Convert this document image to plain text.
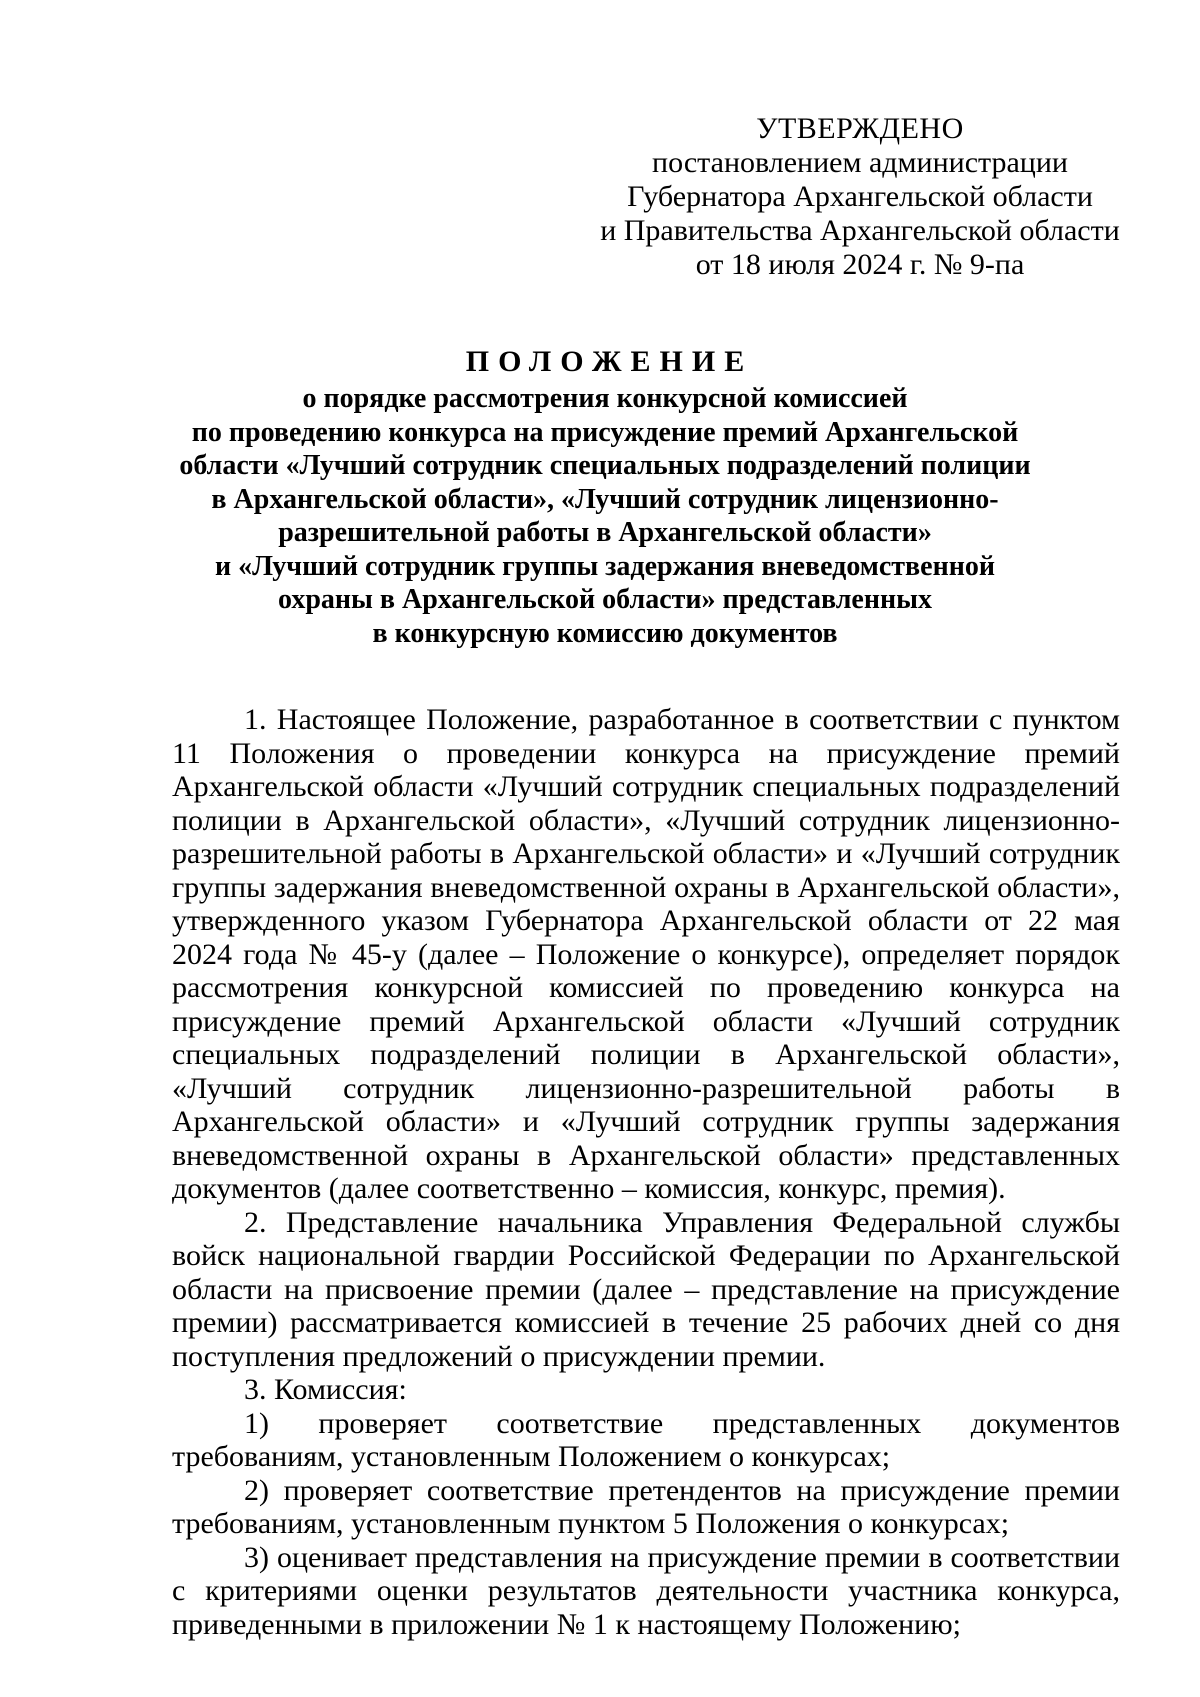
УТВЕРЖДЕНО
постановлением администрации
Губернатора Архангельской области
и Правительства Архангельской области
от 18 июля 2024 г. № 9-па
ПОЛОЖЕНИЕ
о порядке рассмотрения конкурсной комиссией
по проведению конкурса на присуждение премий Архангельской
области «Лучший сотрудник специальных подразделений полиции
в Архангельской области», «Лучший сотрудник лицензионно-
разрешительной работы в Архангельской области»
и «Лучший сотрудник группы задержания вневедомственной
охраны в Архангельской области» представленных
в конкурсную комиссию документов

1. Настоящее Положение, разработанное в соответствии с пунктом 11 Положения о проведении конкурса на присуждение премий Архангельской области «Лучший сотрудник специальных подразделений полиции в Архангельской области», «Лучший сотрудник лицензионно-разрешительной работы в Архангельской области» и «Лучший сотрудник группы задержания вневедомственной охраны в Архангельской области», утвержденного указом Губернатора Архангельской области от 22 мая 2024 года № 45-у (далее – Положение о конкурсе), определяет порядок рассмотрения конкурсной комиссией по проведению конкурса на присуждение премий Архангельской области «Лучший сотрудник специальных подразделений полиции в Архангельской области», «Лучший сотрудник лицензионно-разрешительной работы в Архангельской области» и «Лучший сотрудник группы задержания вневедомственной охраны в Архангельской области» представленных документов (далее соответственно – комиссия, конкурс, премия).

2. Представление начальника Управления Федеральной службы войск национальной гвардии Российской Федерации по Архангельской области на присвоение премии (далее – представление на присуждение премии) рассматривается комиссией в течение 25 рабочих дней со дня поступления предложений о присуждении премии.

3. Комиссия:

1) проверяет соответствие представленных документов требованиям, установленным Положением о конкурсах;

2) проверяет соответствие претендентов на присуждение премии требованиям, установленным пунктом 5 Положения о конкурсах;

3) оценивает представления на присуждение премии в соответствии с критериями оценки результатов деятельности участника конкурса, приведенными в приложении № 1 к настоящему Положению;
